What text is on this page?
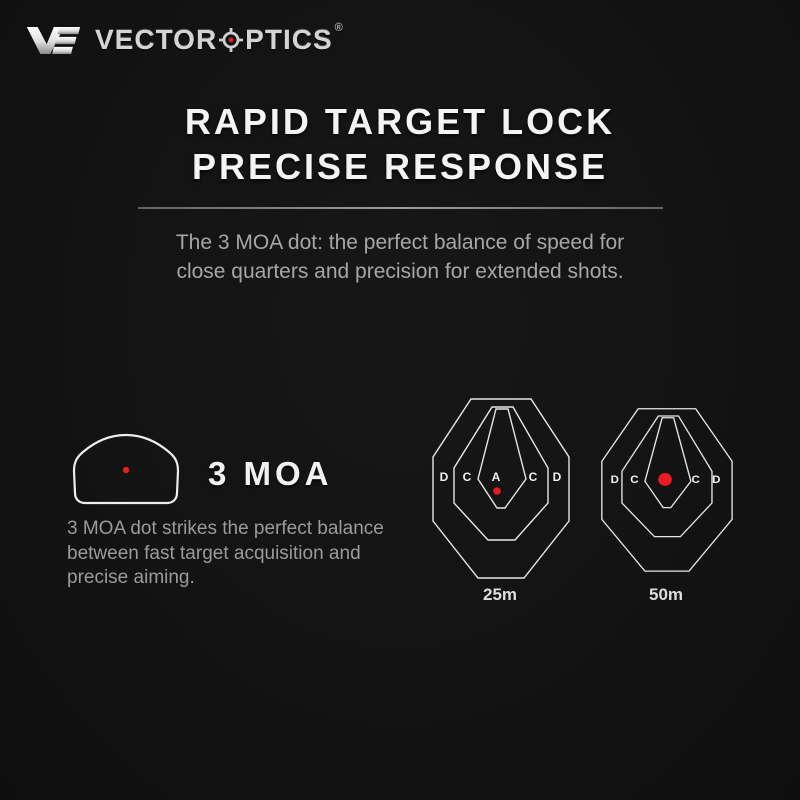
VECTOR PTICS ®
RAPID TARGET LOCK
PRECISE RESPONSE
The 3 MOA dot: the perfect balance of speed for
close quarters and precision for extended shots.
3 MOA
3 MOA dot strikes the perfect balance
between fast target acquisition and
precise aiming.
D C A C D
25m
D C	C D
50m
